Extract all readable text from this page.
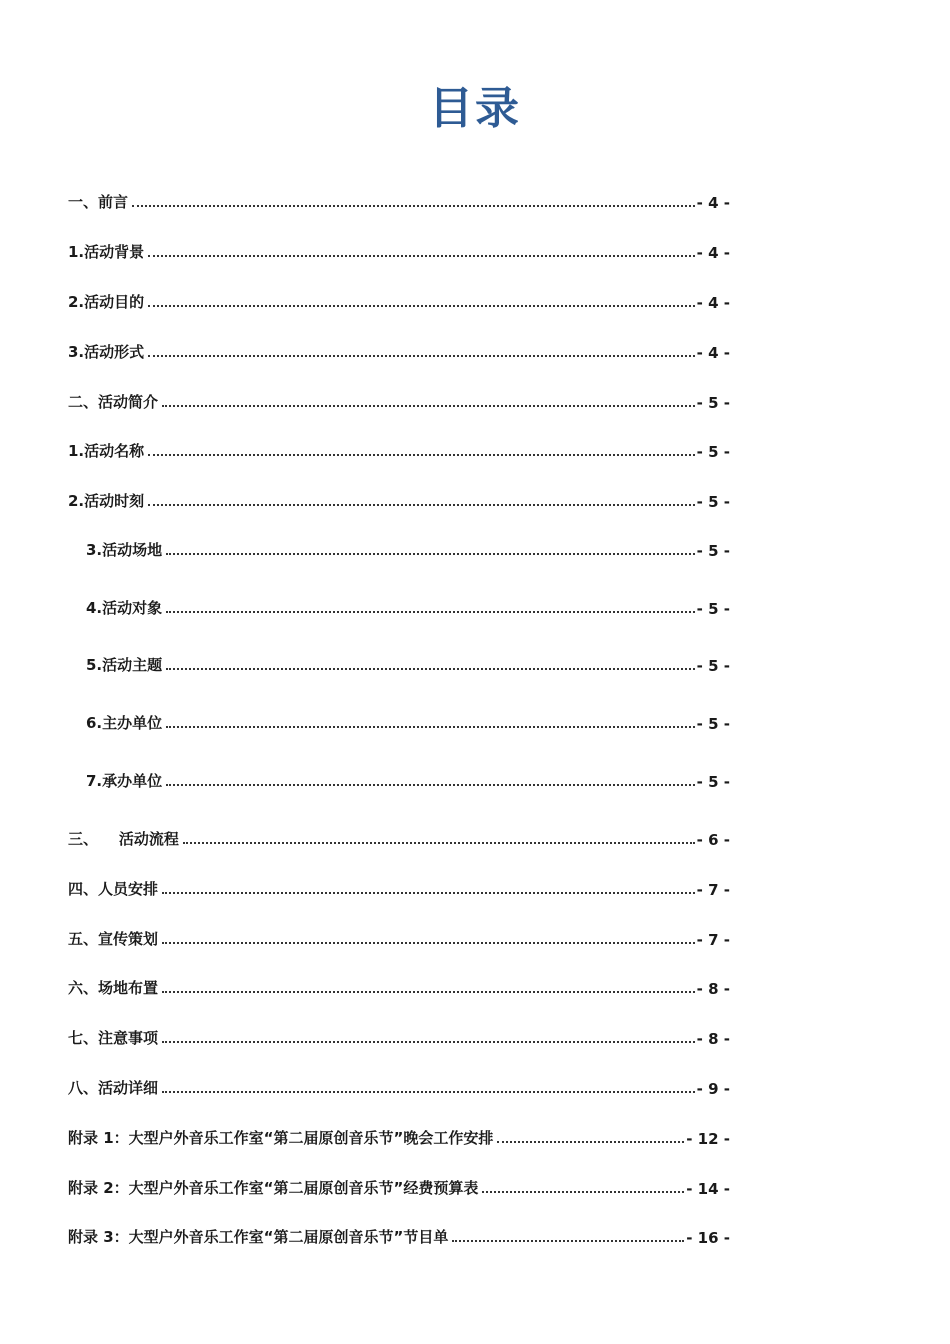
目录
一、前言	- 4 -
1.活动背景	- 4 -
2.活动目的	- 4 -
3.活动形式	- 4 -
二、活动简介	- 5 -
1.活动名称	- 5 -
2.活动时刻	- 5 -
3.活动场地	- 5 -
4.活动对象	- 5 -
5.活动主题	- 5 -
6.主办单位	- 5 -
7.承办单位	- 5 -
三、    活动流程	- 6 -
四、人员安排	- 7 -
五、宣传策划	- 7 -
六、场地布置	- 8 -
七、注意事项	- 8 -
八、活动详细	- 9 -
附录 1：大型户外音乐工作室“第二届原创音乐节”晚会工作安排	- 12 -
附录 2：大型户外音乐工作室“第二届原创音乐节”经费预算表	- 14 -
附录 3：大型户外音乐工作室“第二届原创音乐节”节目单	- 16 -
